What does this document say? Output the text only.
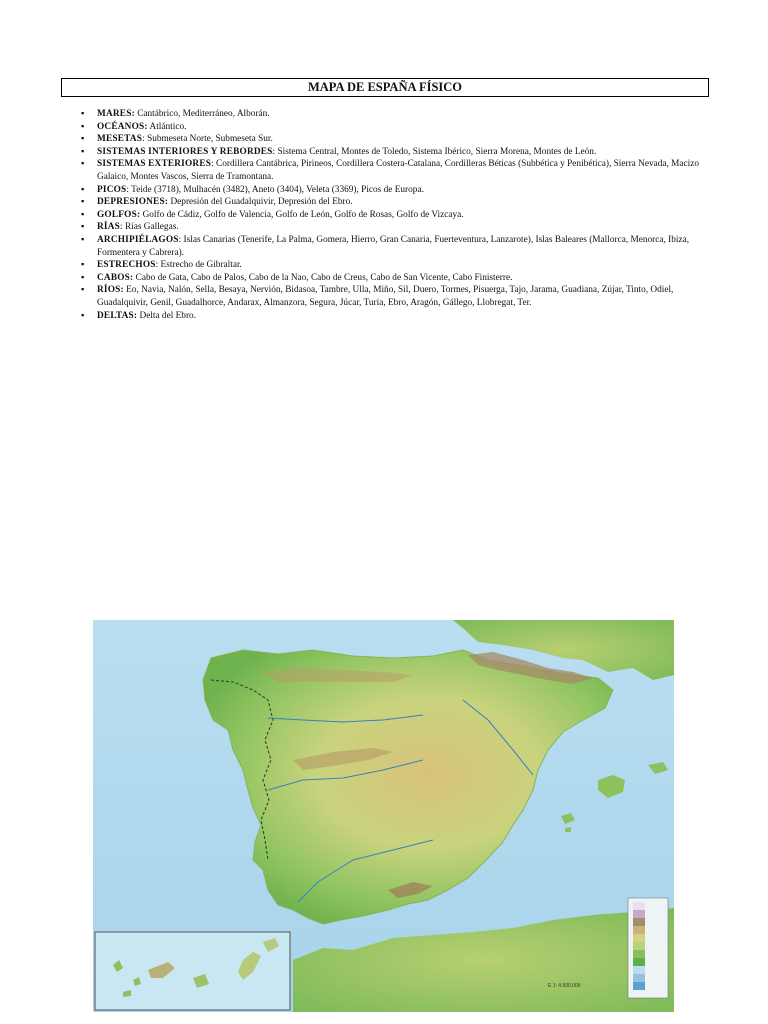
MAPA DE ESPAÑA FÍSICO
▪ MARES: Cantábrico, Mediterráneo, Alborán.
▪ OCÉANOS: Atlántico.
▪ MESETAS: Submeseta Norte, Submeseta Sur.
▪ SISTEMAS INTERIORES Y REBORDES: Sistema Central, Montes de Toledo, Sistema Ibérico, Sierra Morena, Montes de León.
▪ SISTEMAS EXTERIORES: Cordillera Cantábrica, Pirineos, Cordillera Costera-Catalana, Cordilleras Béticas (Subbética y Penibética), Sierra Nevada, Macizo Galaico, Montes Vascos, Sierra de Tramontana.
▪ PICOS: Teide (3718), Mulhacén (3482), Aneto (3404), Veleta (3369), Picos de Europa.
▪ DEPRESIONES: Depresión del Guadalquivir, Depresión del Ebro.
▪ GOLFOS: Golfo de Cádiz, Golfo de Valencia, Golfo de León, Golfo de Rosas, Golfo de Vizcaya.
▪ RÍAS: Rías Gallegas.
▪ ARCHIPIÉLAGOS: Islas Canarias (Tenerife, La Palma, Gomera, Hierro, Gran Canaria, Fuerteventura, Lanzarote), Islas Baleares (Mallorca, Menorca, Ibiza, Formentera y Cabrera).
▪ ESTRECHOS: Estrecho de Gibraltar.
▪ CABOS: Cabo de Gata, Cabo de Palos, Cabo de la Nao, Cabo de Creus, Cabo de San Vicente, Cabo Finisterre.
▪ RÍOS: Eo, Navia, Nalón, Sella, Besaya, Nervión, Bidasoa, Tambre, Ulla, Miño, Sil, Duero, Tormes, Pisuerga, Tajo, Jarama, Guadiana, Zújar, Tinto, Odiel, Guadalquivir, Genil, Guadalhorce, Andarax, Almanzora, Segura, Júcar, Turia, Ebro, Aragón, Gállego, Llobregat, Ter.
▪ DELTAS: Delta del Ebro.
E 1: 4.500.000
